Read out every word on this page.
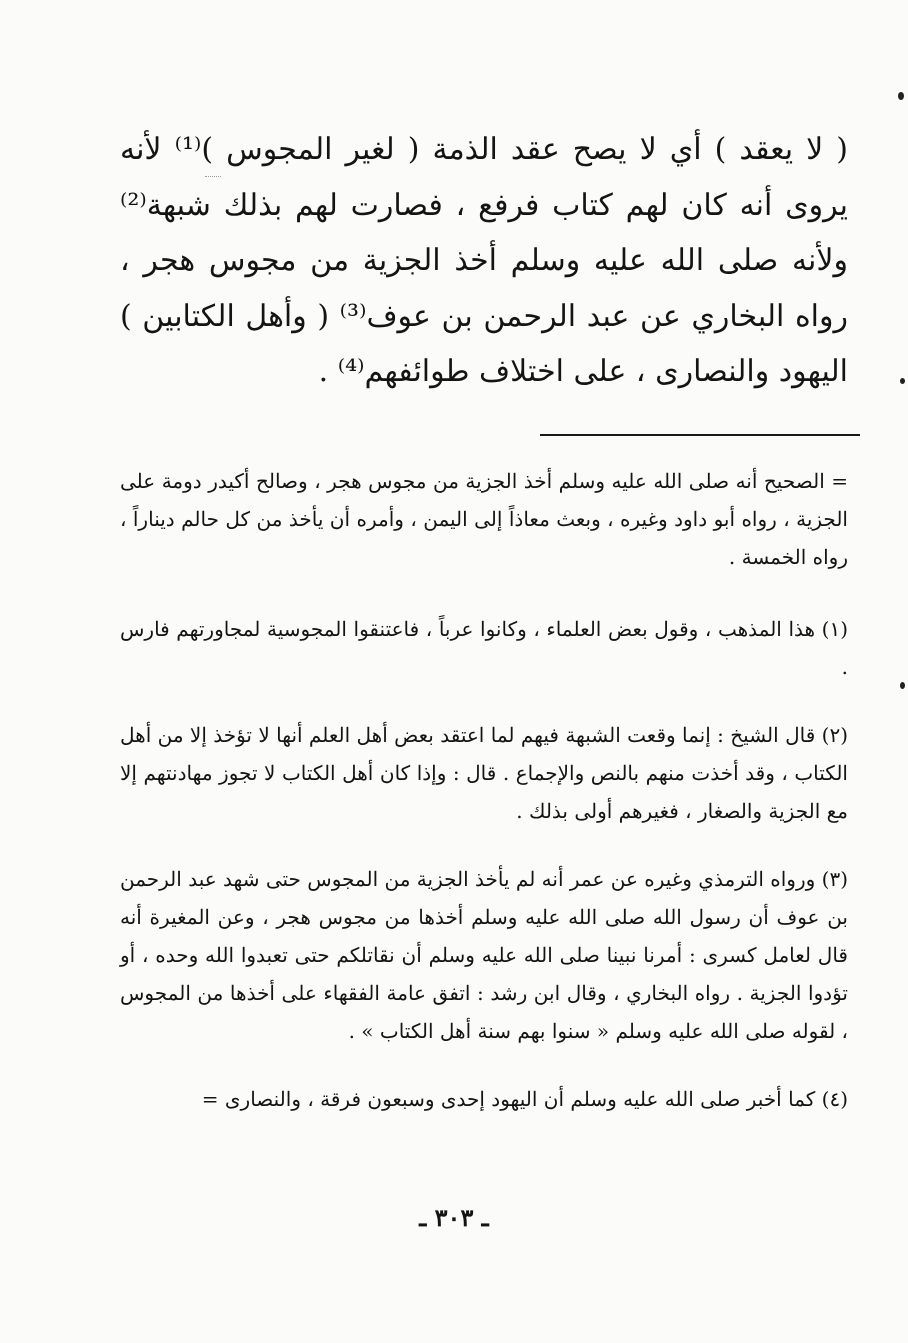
( لا يعقد ) أي لا يصح عقد الذمة ( لغير المجوس )⁽¹⁾ لأنه يروى أنه كان لهم كتاب فرفع ، فصارت لهم بذلك شبهة⁽²⁾ ولأنه صلى الله عليه وسلم أخذ الجزية من مجوس هجر ، رواه البخاري عن عبد الرحمن بن عوف⁽³⁾ ( وأهل الكتابين ) اليهود والنصارى ، على اختلاف طوائفهم⁽⁴⁾ .

= الصحيح أنه صلى الله عليه وسلم أخذ الجزية من مجوس هجر ، وصالح أكيدر دومة على الجزية ، رواه أبو داود وغيره ، وبعث معاذاً إلى اليمن ، وأمره أن يأخذ من كل حالم ديناراً ، رواه الخمسة .

(١) هذا المذهب ، وقول بعض العلماء ، وكانوا عرباً ، فاعتنقوا المجوسية لمجاورتهم فارس .

(٢) قال الشيخ : إنما وقعت الشبهة فيهم لما اعتقد بعض أهل العلم أنها لا تؤخذ إلا من أهل الكتاب ، وقد أخذت منهم بالنص والإجماع . قال : وإذا كان أهل الكتاب لا تجوز مهادنتهم إلا مع الجزية والصغار ، فغيرهم أولى بذلك .

(٣) ورواه الترمذي وغيره عن عمر أنه لم يأخذ الجزية من المجوس حتى شهد عبد الرحمن بن عوف أن رسول الله صلى الله عليه وسلم أخذها من مجوس هجر ، وعن المغيرة أنه قال لعامل كسرى : أمرنا نبينا صلى الله عليه وسلم أن نقاتلكم حتى تعبدوا الله وحده ، أو تؤدوا الجزية . رواه البخاري ، وقال ابن رشد : اتفق عامة الفقهاء على أخذها من المجوس ، لقوله صلى الله عليه وسلم « سنوا بهم سنة أهل الكتاب » .

(٤) كما أخبر صلى الله عليه وسلم أن اليهود إحدى وسبعون فرقة ، والنصارى =

ـ ٣٠٣ ـ
